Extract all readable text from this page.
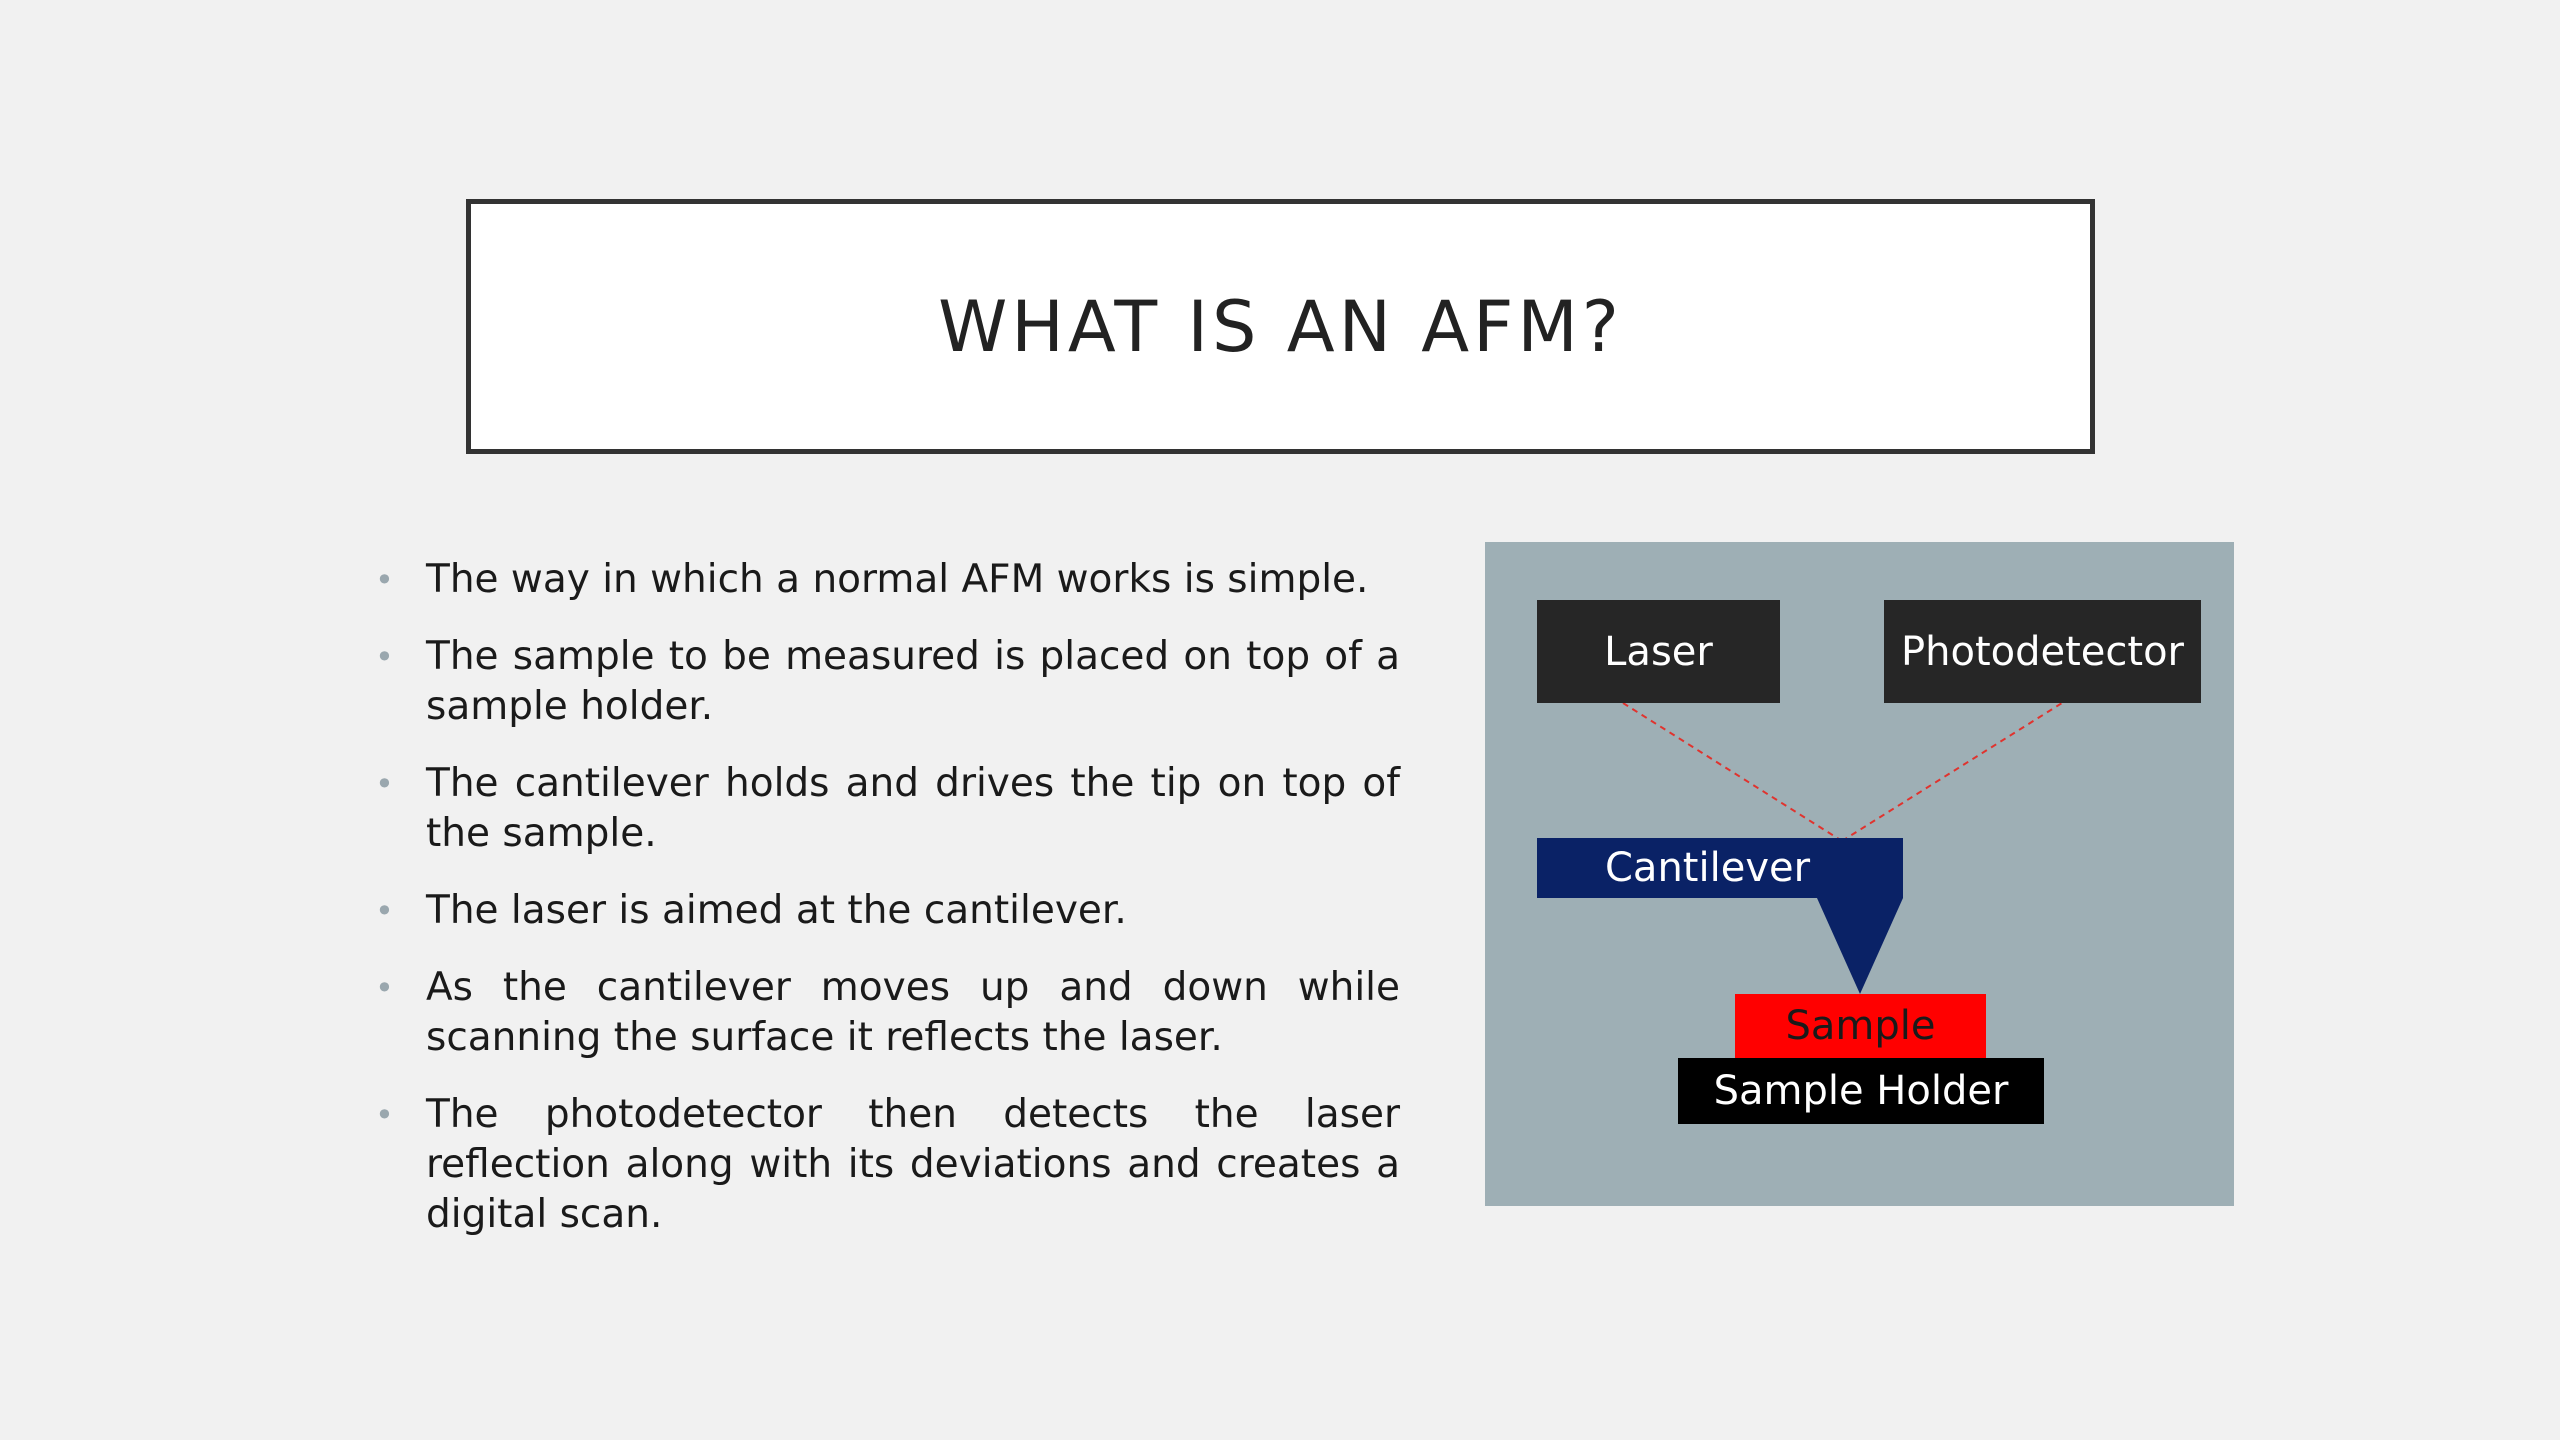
WHAT IS AN AFM?
• The way in which a normal AFM works is simple.
• The sample to be measured is placed on top of a sample holder.
• The cantilever holds and drives the tip on top of the sample.
• The laser is aimed at the cantilever.
• As the cantilever moves up and down while scanning the surface it reflects the laser.
• The photodetector then detects the laser reflection along with its deviations and creates a digital scan.
Laser	Photodetector
Cantilever
Sample
Sample Holder
